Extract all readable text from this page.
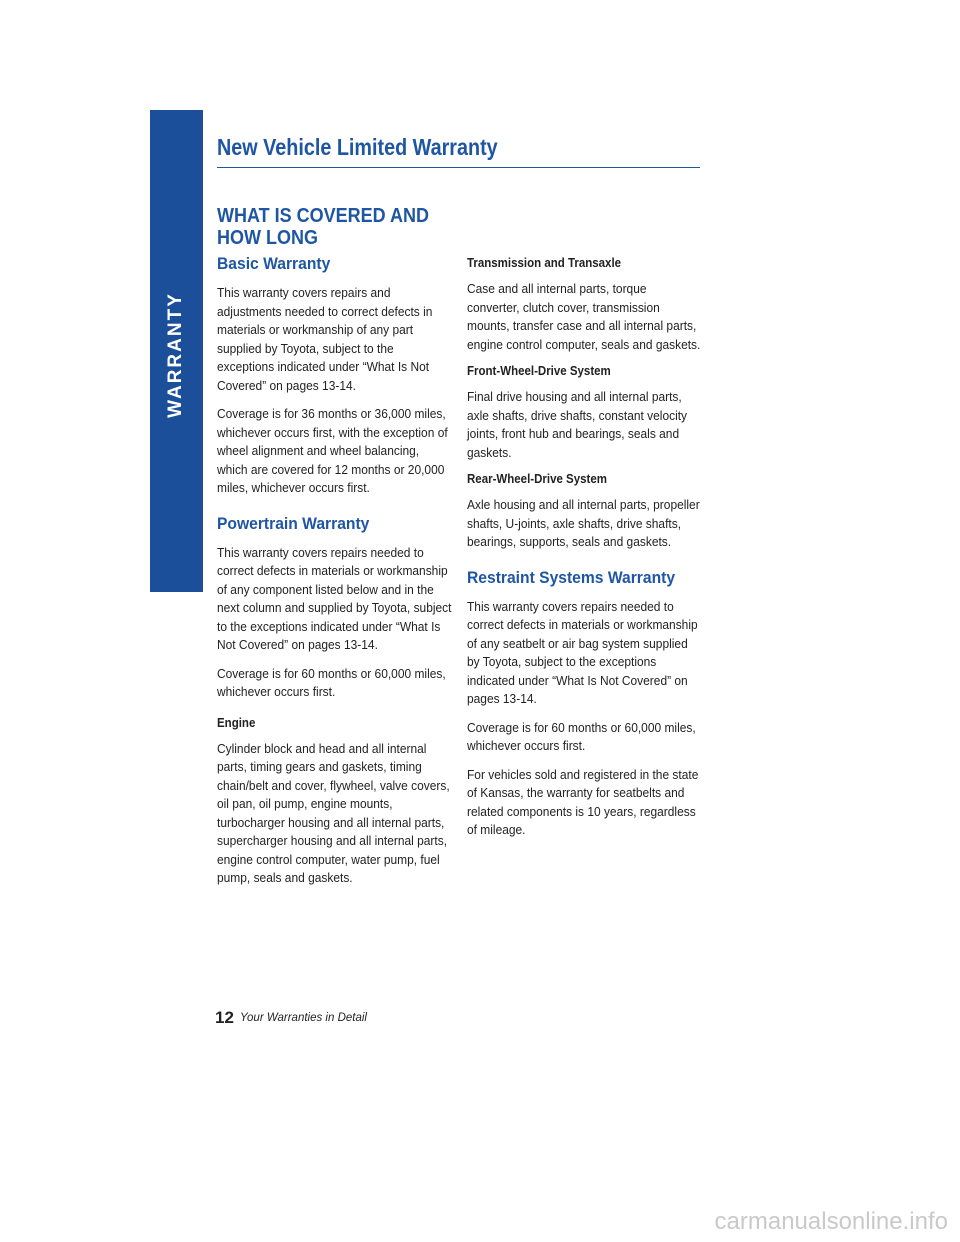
WARRANTY
New Vehicle Limited Warranty
WHAT IS COVERED AND
HOW LONG
Basic Warranty
This warranty covers repairs and adjustments needed to correct defects in materials or workmanship of any part supplied by Toyota, subject to the exceptions indicated under “What Is Not Covered” on pages 13-14.
Coverage is for 36 months or 36,000 miles, whichever occurs first, with the exception of wheel alignment and wheel balancing, which are covered for 12 months or 20,000 miles, whichever occurs first.
Powertrain Warranty
This warranty covers repairs needed to correct defects in materials or workmanship of any component listed below and in the next column and supplied by Toyota, subject to the exceptions indicated under “What Is Not Covered” on pages 13-14.
Coverage is for 60 months or 60,000 miles, whichever occurs first.
Engine
Cylinder block and head and all internal parts, timing gears and gaskets, timing chain/belt and cover, flywheel, valve covers, oil pan, oil pump, engine mounts, turbocharger housing and all internal parts, supercharger housing and all internal parts, engine control computer, water pump, fuel pump, seals and gaskets.
Transmission and Transaxle
Case and all internal parts, torque converter, clutch cover, transmission mounts, transfer case and all internal parts, engine control computer, seals and gaskets.
Front-Wheel-Drive System
Final drive housing and all internal parts, axle shafts, drive shafts, constant velocity joints, front hub and bearings, seals and gaskets.
Rear-Wheel-Drive System
Axle housing and all internal parts, propeller shafts, U-joints, axle shafts, drive shafts, bearings, supports, seals and gaskets.
Restraint Systems Warranty
This warranty covers repairs needed to correct defects in materials or workmanship of any seatbelt or air bag system supplied by Toyota, subject to the exceptions indicated under “What Is Not Covered” on pages 13-14.
Coverage is for 60 months or 60,000 miles, whichever occurs first.
For vehicles sold and registered in the state of Kansas, the warranty for seatbelts and related components is 10 years, regardless of mileage.
12 Your Warranties in Detail
carmanualsonline.info
